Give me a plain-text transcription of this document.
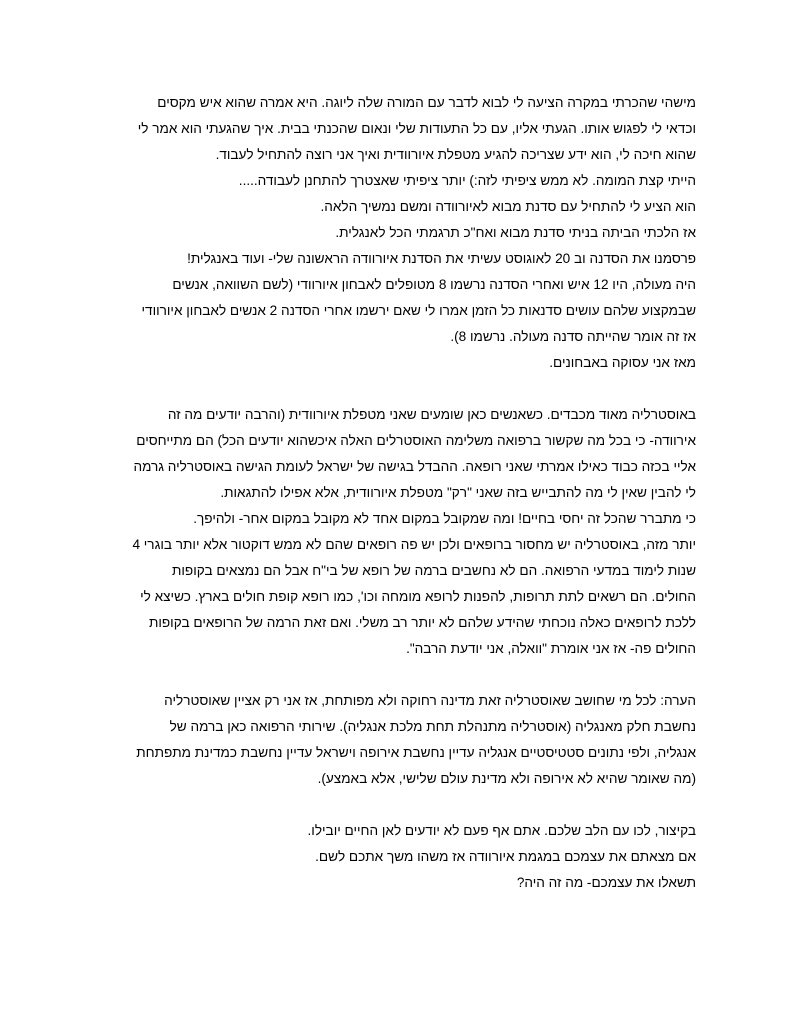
מישהי שהכרתי במקרה הציעה לי לבוא לדבר עם המורה שלה ליוגה. היא אמרה שהוא איש מקסים
וכדאי לי לפגוש אותו. הגעתי אליו, עם כל התעודות שלי ונאום שהכנתי בבית. איך שהגעתי הוא אמר לי
שהוא חיכה לי, הוא ידע שצריכה להגיע מטפלת איורוודית ואיך אני רוצה להתחיל לעבוד.
הייתי קצת המומה. לא ממש ציפיתי לזה:) יותר ציפיתי שאצטרך להתחנן לעבודה.....
הוא הציע לי להתחיל עם סדנת מבוא לאיורוודה ומשם נמשיך הלאה.
אז הלכתי הביתה בניתי סדנת מבוא ואח"כ תרגמתי הכל לאנגלית.
פרסמנו את הסדנה וב 20 לאוגוסט עשיתי את הסדנת איורוודה הראשונה שלי- ועוד באנגלית!
היה מעולה, היו 12 איש ואחרי הסדנה נרשמו 8 מטופלים לאבחון איורוודי (לשם השוואה, אנשים
שבמקצוע שלהם עושים סדנאות כל הזמן אמרו לי שאם ירשמו אחרי הסדנה 2 אנשים לאבחון איורוודי
אז זה אומר שהייתה סדנה מעולה. נרשמו 8).
מאז אני עסוקה באבחונים.
באוסטרליה מאוד מכבדים. כשאנשים כאן שומעים שאני מטפלת איורוודית (והרבה יודעים מה זה
אירוודה- כי בכל מה שקשור ברפואה משלימה האוסטרלים האלה איכשהוא יודעים הכל) הם מתייחסים
אליי בכזה כבוד כאילו אמרתי שאני רופאה. ההבדל בגישה של ישראל לעומת הגישה באוסטרליה גרמה
לי להבין שאין לי מה להתבייש בזה שאני "רק" מטפלת איורוודית, אלא אפילו להתגאות.
כי מתברר שהכל זה יחסי בחיים! ומה שמקובל במקום אחד לא מקובל במקום אחר- ולהיפך.
יותר מזה, באוסטרליה יש מחסור ברופאים ולכן יש פה רופאים שהם לא ממש דוקטור אלא יותר בוגרי 4
שנות לימוד במדעי הרפואה. הם לא נחשבים ברמה של רופא של בי"ח אבל הם נמצאים בקופות
החולים. הם רשאים לתת תרופות, להפנות לרופא מומחה וכו', כמו רופא קופת חולים בארץ. כשיצא לי
ללכת לרופאים כאלה נוכחתי שהידע שלהם לא יותר רב משלי. ואם זאת הרמה של הרופאים בקופות
החולים פה- אז אני אומרת "וואלה, אני יודעת הרבה".
הערה: לכל מי שחושב שאוסטרליה זאת מדינה רחוקה ולא מפותחת, אז אני רק אציין שאוסטרליה
נחשבת חלק מאנגליה (אוסטרליה מתנהלת תחת מלכת אנגליה). שירותי הרפואה כאן ברמה של
אנגליה, ולפי נתונים סטטיסטיים אנגליה עדיין נחשבת אירופה וישראל עדיין נחשבת כמדינת מתפתחת
(מה שאומר שהיא לא אירופה ולא מדינת עולם שלישי, אלא באמצע).
בקיצור, לכו עם הלב שלכם. אתם אף פעם לא יודעים לאן החיים יובילו.
אם מצאתם את עצמכם במגמת איורוודה אז משהו משך אתכם לשם.
תשאלו את עצמכם- מה זה היה?
